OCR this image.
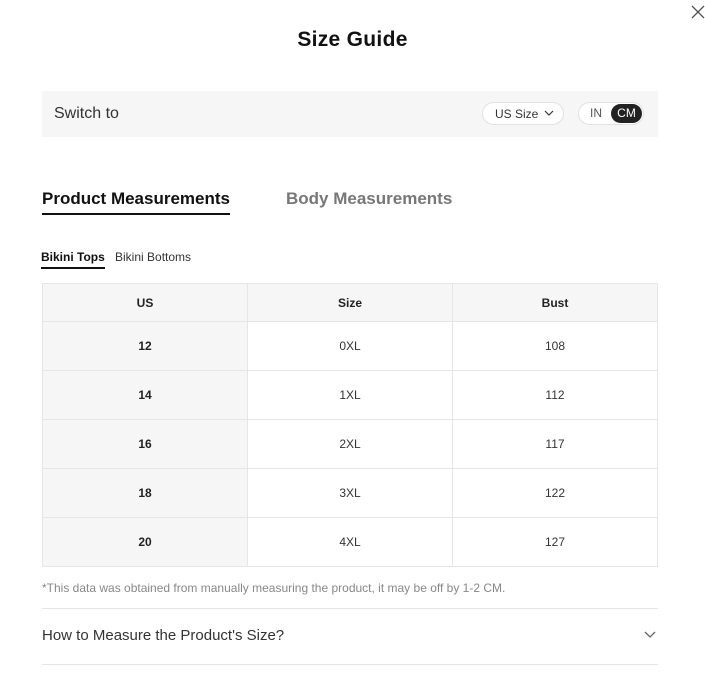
Size Guide
Switch to	US Size	IN	CM
Product Measurements	Body Measurements
Bikini Tops Bikini Bottoms
US	Size	Bust
12	0XL	108
14	1XL	112
16	2XL	117
18	3XL	122
20	4XL	127
*This data was obtained from manually measuring the product, it may be off by 1-2 CM.
How to Measure the Product's Size?
